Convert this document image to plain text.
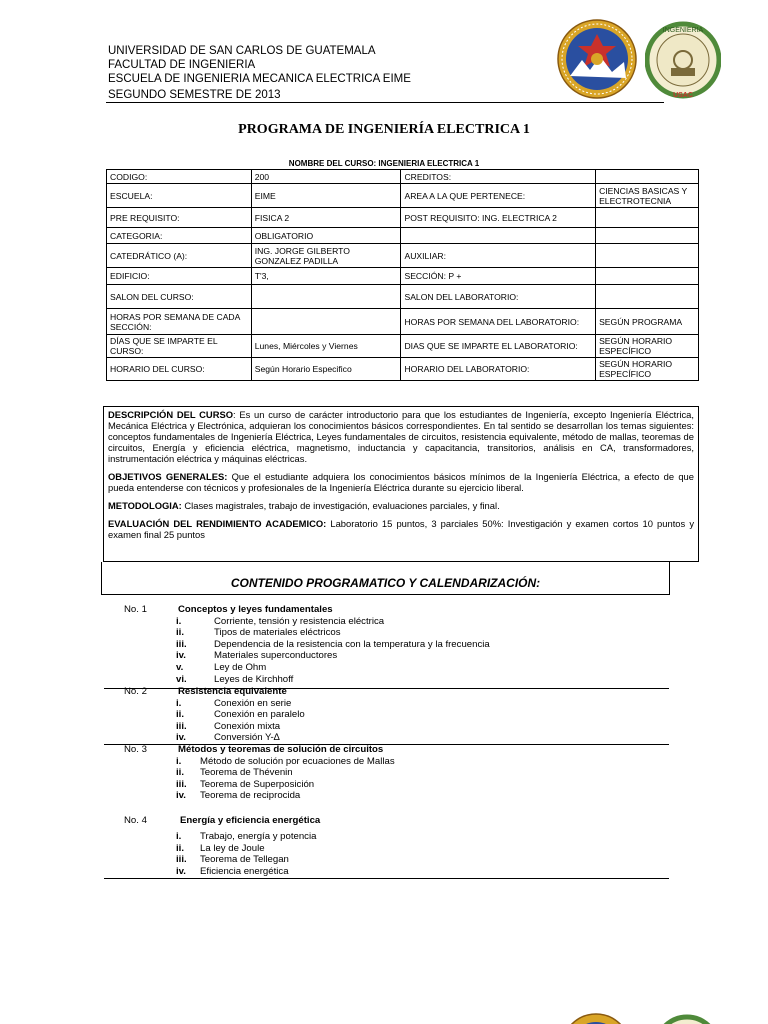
UNIVERSIDAD DE SAN CARLOS DE GUATEMALA
FACULTAD DE INGENIERIA
ESCUELA DE INGENIERIA MECANICA ELECTRICA EIME
SEGUNDO SEMESTRE DE 2013
INGENIERIA
USAC
PROGRAMA DE INGENIERÍA ELECTRICA 1
NOMBRE DEL CURSO: INGENIERIA ELECTRICA 1
CODIGO:	200	CREDITOS:	
ESCUELA:	EIME	AREA A LA QUE PERTENECE:	CIENCIAS BASICAS Y ELECTROTECNIA
PRE REQUISITO:	FISICA 2	POST REQUISITO: ING. ELECTRICA 2	
CATEGORIA:	OBLIGATORIO		
CATEDRÁTICO (A):	ING. JORGE GILBERTO GONZALEZ PADILLA	AUXILIAR:	
EDIFICIO:	T'3,	SECCIÓN: P +	
SALON DEL CURSO:		SALON DEL LABORATORIO:	
HORAS POR SEMANA DE CADA SECCIÓN:		HORAS POR SEMANA DEL LABORATORIO:	SEGÚN PROGRAMA
DÍAS QUE SE IMPARTE EL CURSO:	Lunes, Miércoles y Viernes	DIAS QUE SE IMPARTE EL LABORATORIO:	SEGÚN HORARIO ESPECÍFICO
HORARIO DEL CURSO:	Según Horario Especifico	HORARIO DEL LABORATORIO:	SEGÚN HORARIO ESPECÍFICO

DESCRIPCIÓN DEL CURSO: Es un curso de carácter introductorio para que los estudiantes de Ingeniería, excepto Ingeniería Eléctrica, Mecánica Eléctrica y Electrónica, adquieran los conocimientos básicos correspondientes. En tal sentido se desarrollan los temas siguientes: conceptos fundamentales de Ingeniería Eléctrica, Leyes fundamentales de circuitos, resistencia equivalente, método de mallas, teoremas de circuitos, Energía y eficiencia eléctrica, magnetismo, inductancia y capacitancia, transitorios, análisis en CA, transformadores, instrumentación eléctrica y máquinas eléctricas.

OBJETIVOS GENERALES: Que el estudiante adquiera los conocimientos básicos mínimos de la Ingeniería Eléctrica, a efecto de que pueda entenderse con técnicos y profesionales de la Ingeniería Eléctrica durante su ejercicio liberal.

METODOLOGIA: Clases magistrales, trabajo de investigación, evaluaciones parciales, y final.

EVALUACIÓN DEL RENDIMIENTO ACADEMICO: Laboratorio 15 puntos, 3 parciales 50%: Investigación y examen cortos 10 puntos y examen final 25 puntos

CONTENIDO PROGRAMATICO Y CALENDARIZACIÓN:
No. 1	Conceptos y leyes fundamentales
i.	Corriente, tensión y resistencia eléctrica
ii.	Tipos de materiales eléctricos
iii.	Dependencia de la resistencia con la temperatura y la frecuencia
iv.	Materiales superconductores
v.	Ley de Ohm
vi.	Leyes de Kirchhoff
No. 2	Resistencia equivalente
i.	Conexión en serie
ii.	Conexión en paralelo
iii.	Conexión mixta
iv.	Conversión Y-∆
No. 3	Métodos y teoremas de solución de circuitos
i.	Método de solución por ecuaciones de Mallas
ii.	Teorema de Thévenin
iii.	Teorema de Superposición
iv.	Teorema de reciprocida
No. 4	Energía y eficiencia energética
i.	Trabajo, energía y potencia
ii.	La ley de Joule
iii.	Teorema de Tellegan
iv.	Eficiencia energética
